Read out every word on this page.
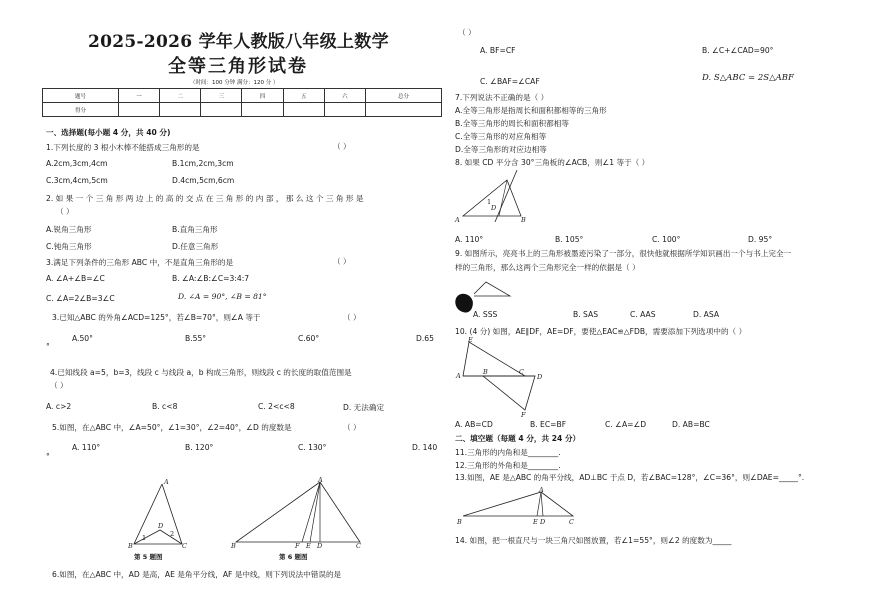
2025-2026 学年人教版八年级上数学
全等三角形试卷
（时间：100 分钟 满分：120 分 ）
题号	一	二	三	四	五	六	总分
得分							
一、选择题(每小题 4 分，共 40 分)
1.下列长度的 3 根小木棒不能搭成三角形的是	（ ）
A.2cm,3cm,4cm	B.1cm,2cm,3cm
C.3cm,4cm,5cm	D.4cm,5cm,6cm
2. 如 果 一 个 三 角 形 两 边 上 的 高 的 交 点 在 三 角 形 的 内 部 ， 那 么 这 个 三 角 形 是
（ ）
A.锐角三角形	B.直角三角形
C.钝角三角形	D.任意三角形
3.满足下列条件的三角形 ABC 中，不是直角三角形的是	（ ）
A. ∠A+∠B=∠C	B. ∠A:∠B:∠C=3:4:7
C. ∠A=2∠B=3∠C	D. ∠A = 90°, ∠B = 81°
3.已知△ABC 的外角∠ACD=125°，若∠B=70°，则∠A 等于	（ ）
A.50°	B.55°	C.60°	D.65
°
4.已知线段 a=5，b=3，线段 c 与线段 a，b 构成三角形，则线段 c 的长度的取值范围是
（ ）
A. c>2	B. c<8	C. 2<c<8	D. 无法确定
5.如图，在△ABC 中，∠A=50°，∠1=30°，∠2=40°，∠D 的度数是	（ ）
A. 110°	B. 120°	C. 130°	D. 140
°
A
B	C
D
1	2
第 5 题图
A
B	C
F E D
第 6 题图
6.如图，在△ABC 中，AD 是高，AE 是角平分线，AF 是中线，则下列说法中错误的是
（ ）
A. BF=CF	B. ∠C+∠CAD=90°
C. ∠BAF=∠CAF	D. S△ABC = 2S△ABF
7.下列说法不正确的是（ ）
A.全等三角形是指周长和面积都相等的三角形
B.全等三角形的周长和面积都相等
C.全等三角形的对应角相等
D.全等三角形的对应边相等
8. 如果 CD 平分含 30°三角板的∠ACB，则∠1 等于（ ）
A	B
D
1
A. 110°	B. 105°	C. 100°	D. 95°
9. 如图所示，亮亮书上的三角形被墨迹污染了一部分，很快他就根据所学知识画出一个与书上完全一
样的三角形，那么这两个三角形完全一样的依据是（ ）
A. SSS	B. SAS	C. AAS	D. ASA
10. (4 分) 如图，AE∥DF，AE=DF，要使△EAC≌△FDB，需要添加下列选项中的（ ）
E
A	B	C
D
F
A. AB=CD	B. EC=BF	C. ∠A=∠D	D. AB=BC
二、填空题（每题 4 分，共 24 分）
11.三角形的内角和是________.
12.三角形的外角和是________.
13.如图，AE 是△ABC 的角平分线，AD⊥BC 于点 D，若∠BAC=128°，∠C=36°，则∠DAE=_____°.
A
B	E D	C
14. 如图，把一根直尺与一块三角尺如图放置，若∠1=55°，则∠2 的度数为_____
